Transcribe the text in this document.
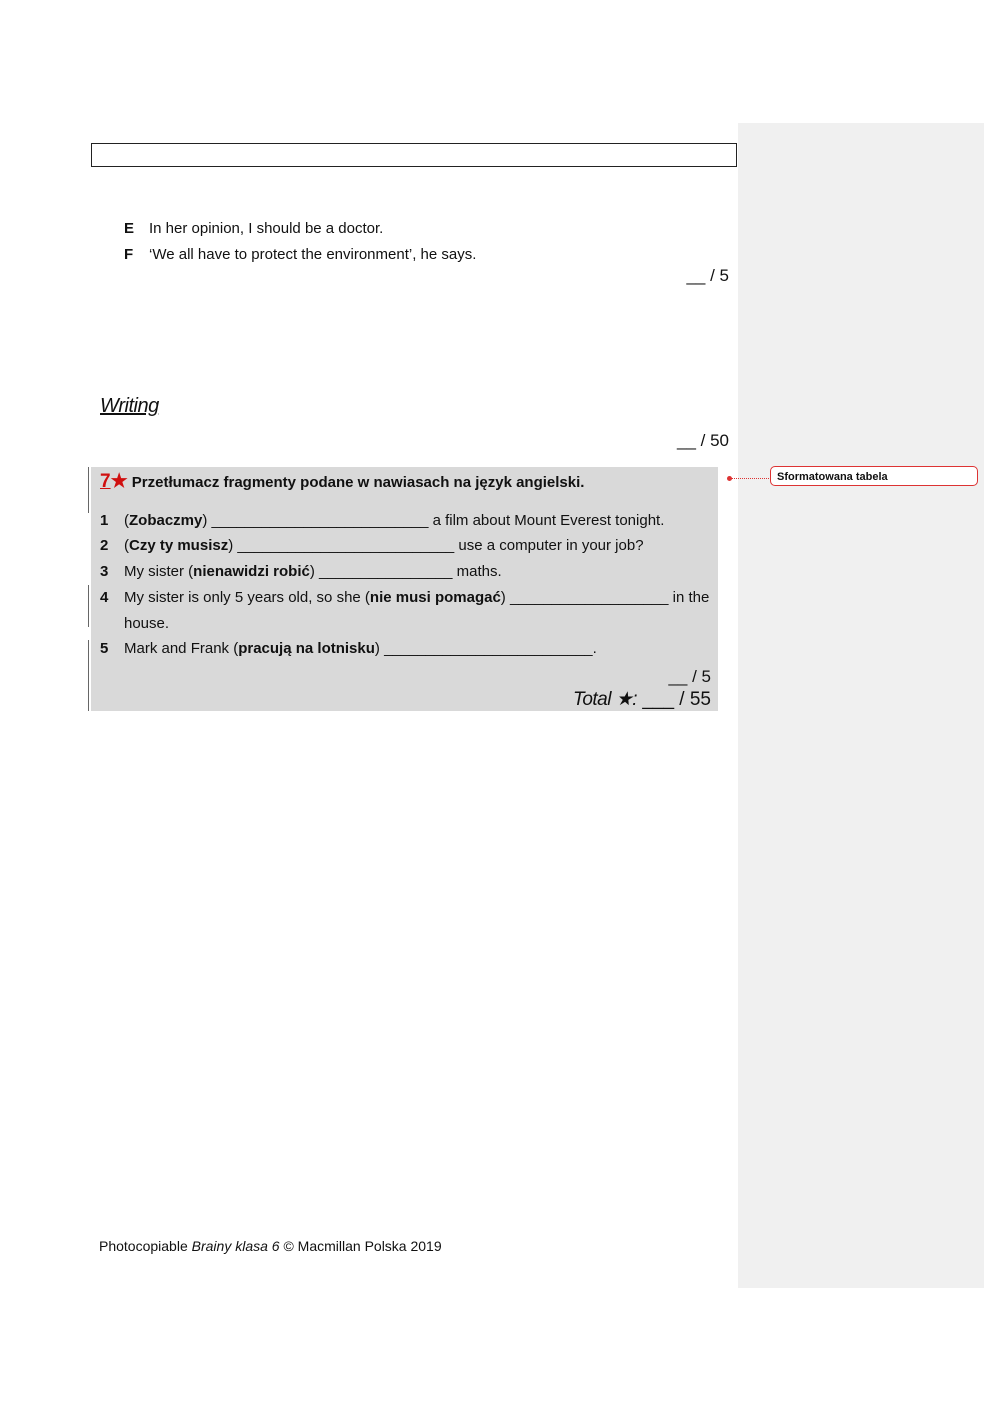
Sformatowana tabela
E In her opinion, I should be a doctor.
F ‘We all have to protect the environment’, he says.
__ / 5
Writing
__ / 50
7★ Przetłumacz fragmenty podane w nawiasach na język angielski.
1 (Zobaczmy) __________________________ a film about Mount Everest tonight.
2 (Czy ty musisz) __________________________ use a computer in your job?
3 My sister (nienawidzi robić) ________________ maths.
4 My sister is only 5 years old, so she (nie musi pomagać) ___________________ in the
house.
5 Mark and Frank (pracują na lotnisku) _________________________.
__ / 5
Total ★: ___ / 55
Photocopiable Brainy klasa 6 © Macmillan Polska 2019
